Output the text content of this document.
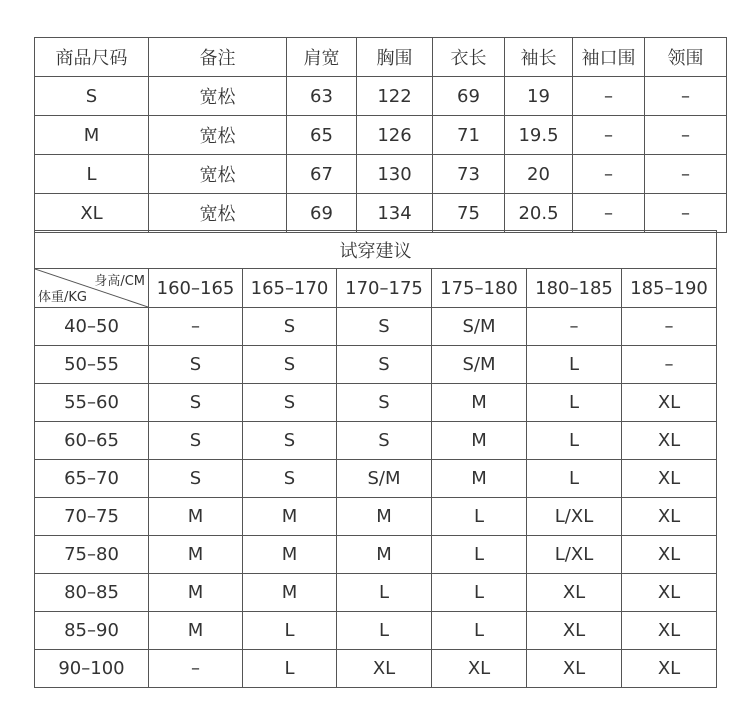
商品尺码	备注	肩宽	胸围	衣长	袖长	袖口围	领围
S	宽松	63	122	69	19	–	–
M	宽松	65	126	71	19.5	–	–
L	宽松	67	130	73	20	–	–
XL	宽松	69	134	75	20.5	–	–
试穿建议						

身高/CM
体重/KG	160–165	165–170	170–175	175–180	180–185	185–190
40–50	–	S	S	S/M	–	–
50–55	S	S	S	S/M	L	–
55–60	S	S	S	M	L	XL
60–65	S	S	S	M	L	XL
65–70	S	S	S/M	M	L	XL
70–75	M	M	M	L	L/XL	XL
75–80	M	M	M	L	L/XL	XL
80–85	M	M	L	L	XL	XL
85–90	M	L	L	L	XL	XL
90–100	–	L	XL	XL	XL	XL
